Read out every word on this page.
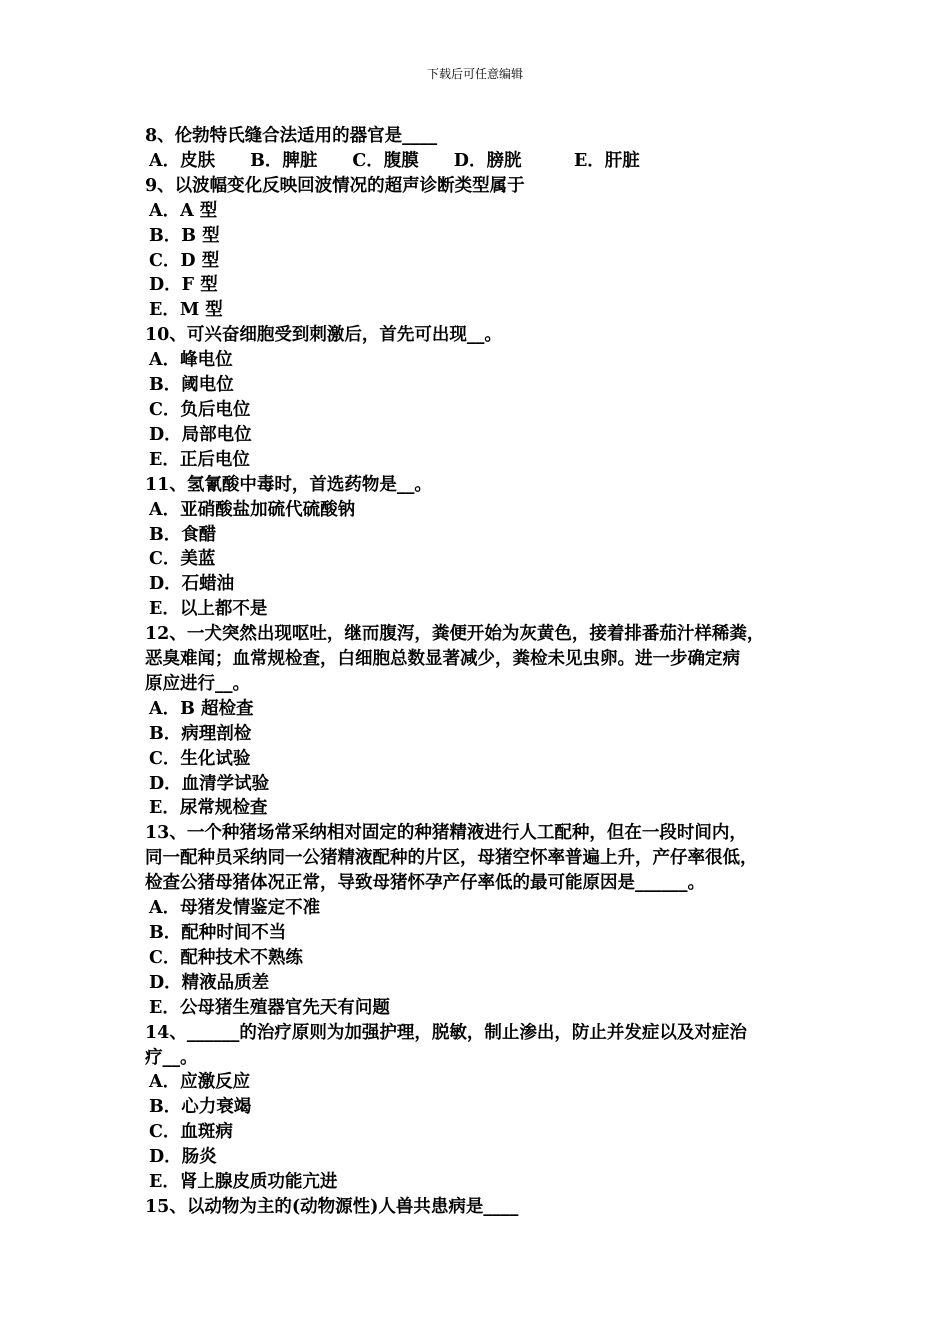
下载后可任意编辑
8、伦勃特氏缝合法适用的器官是____
A．皮肤　　B．脾脏　　C．腹膜　　D．膀胱　　　E．肝脏
9、以波幅变化反映回波情况的超声诊断类型属于
A．A 型
B．B 型
C．D 型
D．F 型
E．M 型
10、可兴奋细胞受到刺激后，首先可出现__。
A．峰电位
B．阈电位
C．负后电位
D．局部电位
E．正后电位
11、氢氰酸中毒时，首选药物是__。
A．亚硝酸盐加硫代硫酸钠
B．食醋
C．美蓝
D．石蜡油
E．以上都不是
12、一犬突然出现呕吐，继而腹泻，粪便开始为灰黄色，接着排番茄汁样稀粪，
恶臭难闻；血常规检查，白细胞总数显著减少，粪检未见虫卵。进一步确定病
原应进行__。
A．B 超检查
B．病理剖检
C．生化试验
D．血清学试验
E．尿常规检查
13、一个种猪场常采纳相对固定的种猪精液进行人工配种，但在一段时间内，
同一配种员采纳同一公猪精液配种的片区，母猪空怀率普遍上升，产仔率很低，
检查公猪母猪体况正常，导致母猪怀孕产仔率低的最可能原因是______。
A．母猪发情鉴定不准
B．配种时间不当
C．配种技术不熟练
D．精液品质差
E．公母猪生殖器官先天有问题
14、______的治疗原则为加强护理，脱敏，制止渗出，防止并发症以及对症治
疗__。
A．应激反应
B．心力衰竭
C．血斑病
D．肠炎
E．肾上腺皮质功能亢进
15、以动物为主的(动物源性)人兽共患病是____
